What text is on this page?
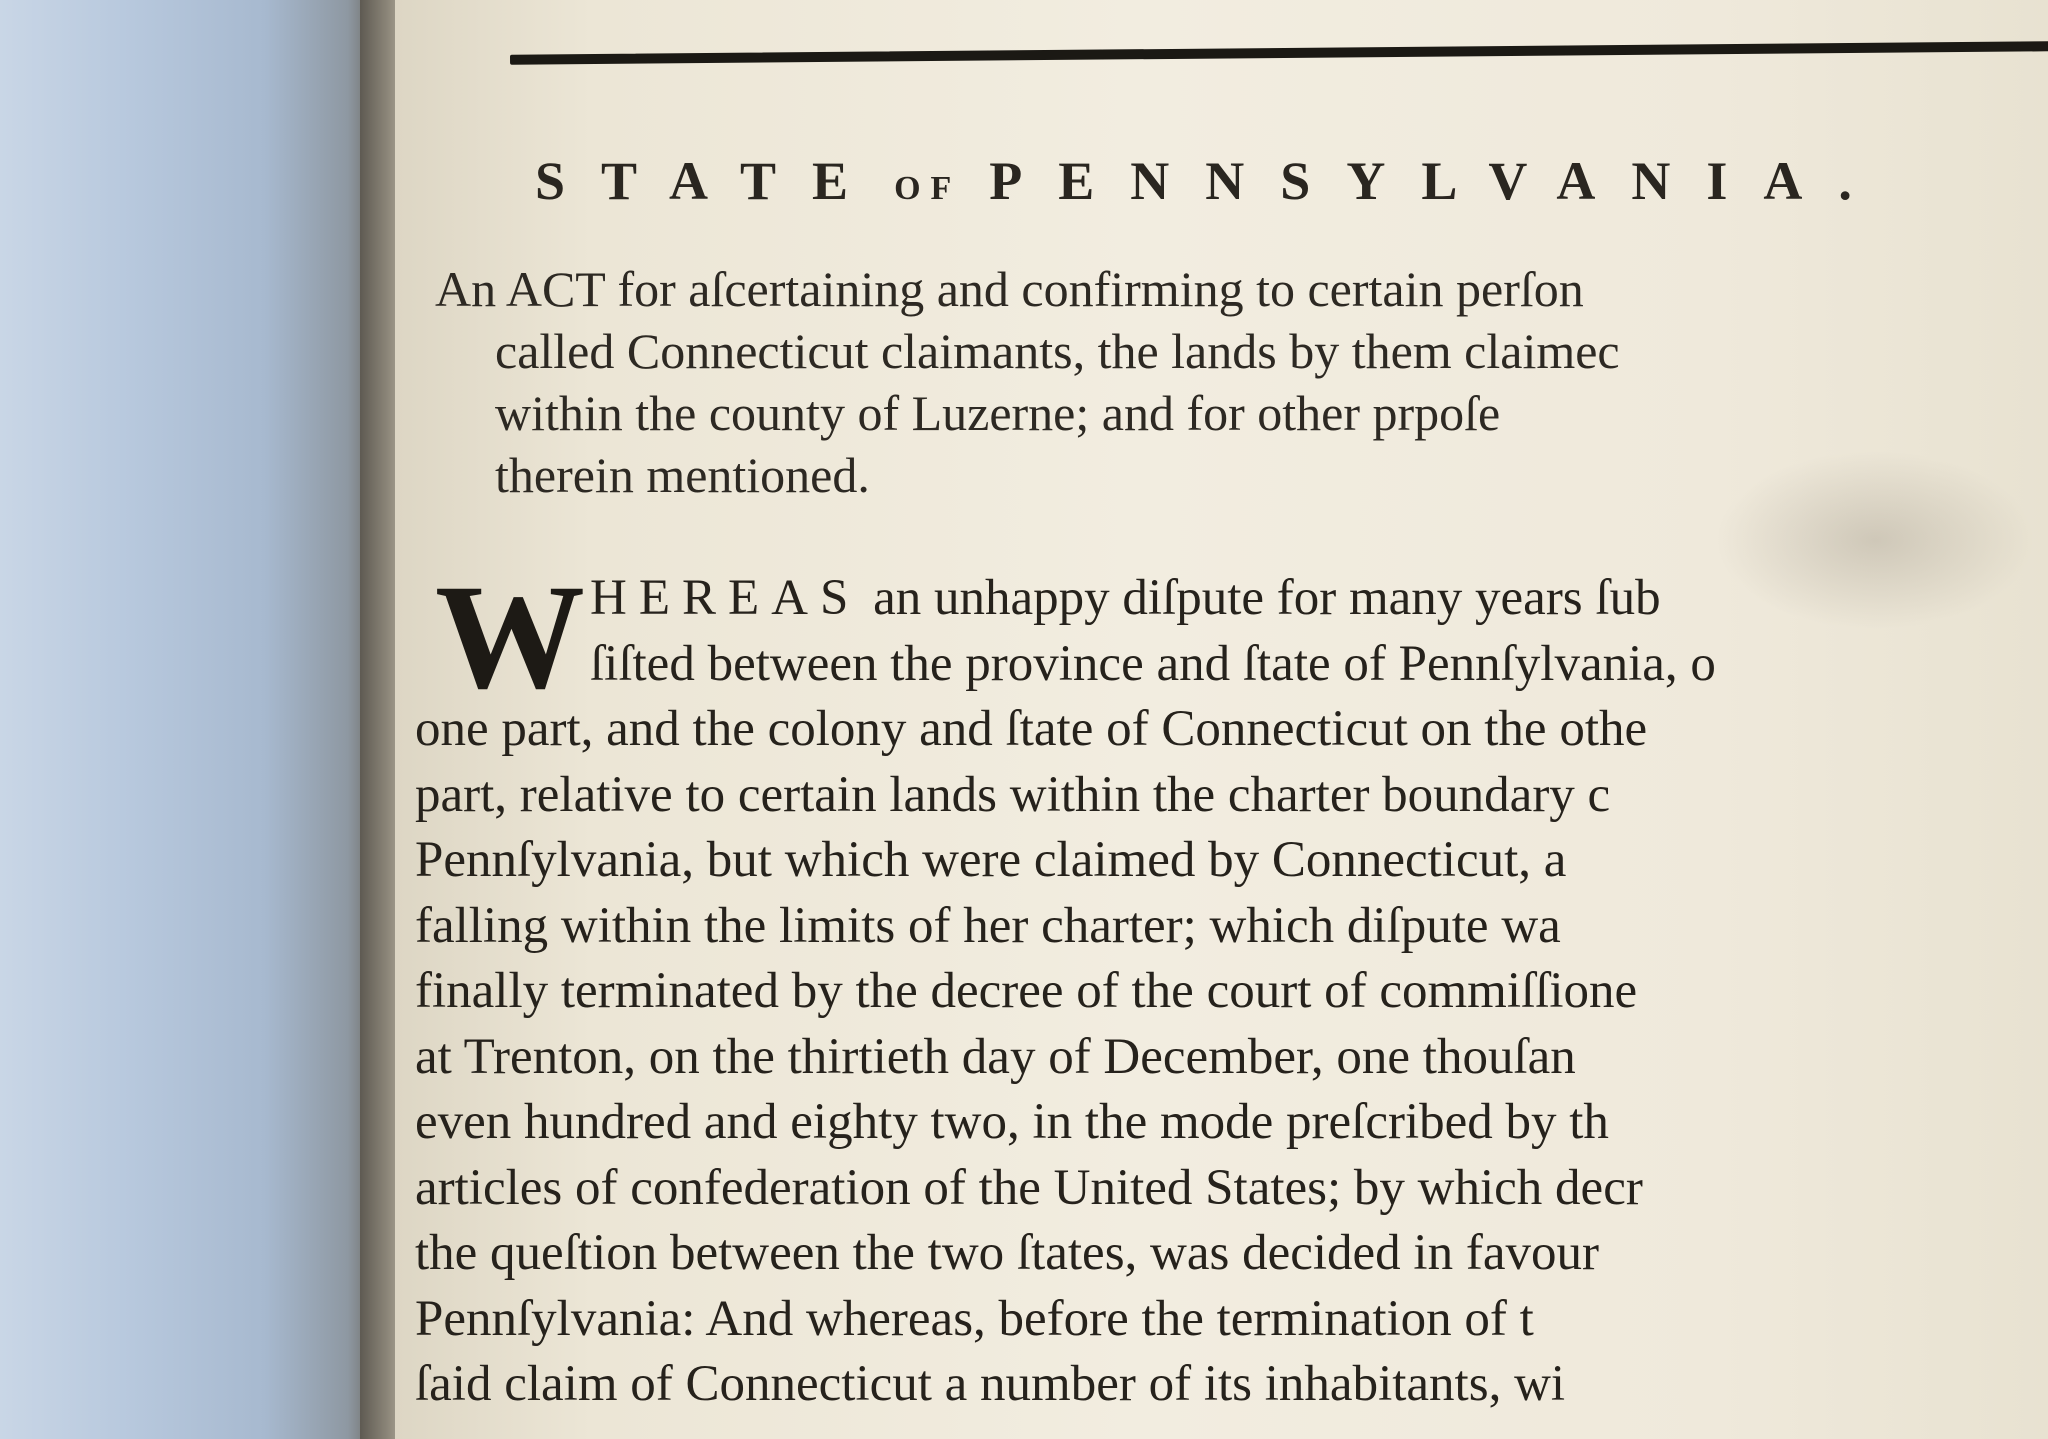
STATE OF PENNSYLVANIA.
An ACT for aſcertaining and confirming to certain perſon
called Connecticut claimants, the lands by them claimec
within the county of Luzerne; and for other prpoſe
therein mentioned.
W HEREAS an unhappy diſpute for many years ſub
ſiſted between the province and ſtate of Pennſylvania, o
one part, and the colony and ſtate of Connecticut on the othe
part, relative to certain lands within the charter boundary c
Pennſylvania, but which were claimed by Connecticut, a
falling within the limits of her charter; which diſpute wa
finally terminated by the decree of the court of commiſſione
at Trenton, on the thirtieth day of December, one thouſan
even hundred and eighty two, in the mode preſcribed by th
articles of confederation of the United States; by which decr
the queſtion between the two ſtates, was decided in favour
Pennſylvania: And whereas, before the termination of t
ſaid claim of Connecticut a number of its inhabitants, wi
